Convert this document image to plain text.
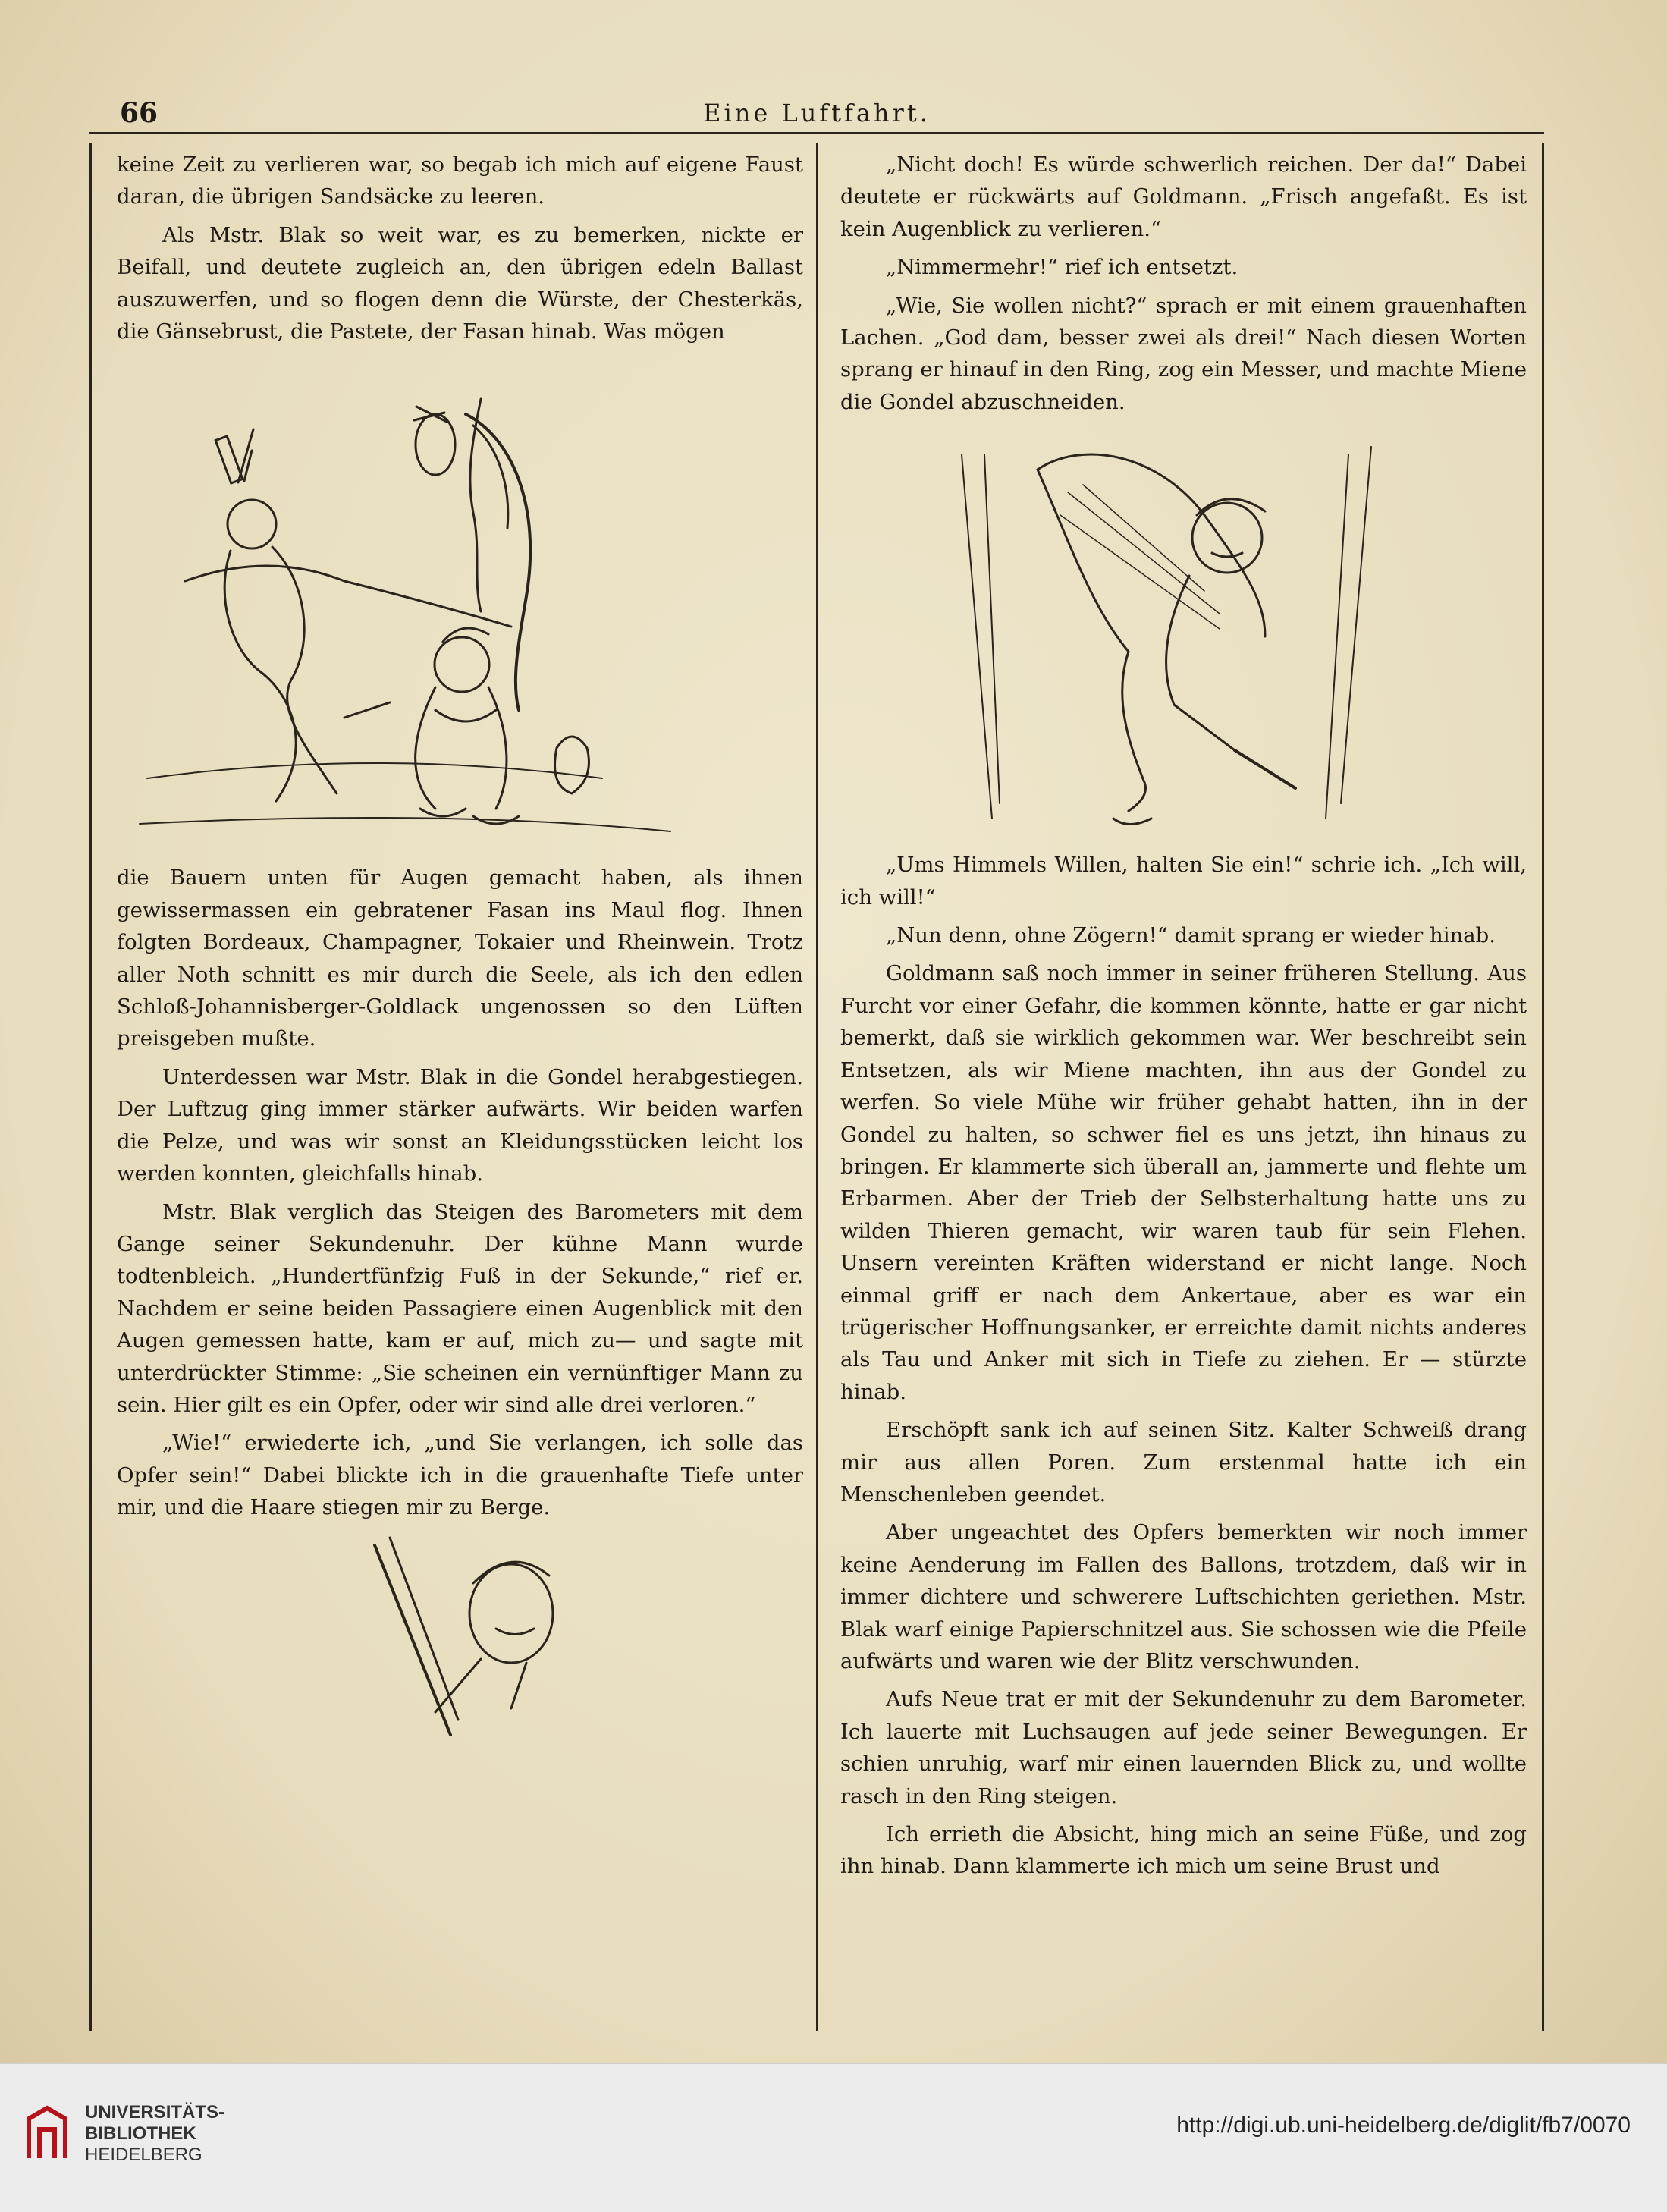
66	Eine Luftfahrt.

keine Zeit zu verlieren war, so begab ich mich auf eigene Faust daran, die übrigen Sandsäcke zu leeren.

Als Mstr. Blak so weit war, es zu bemerken, nickte er Beifall, und deutete zugleich an, den übrigen edeln Ballast auszuwerfen, und so flogen denn die Würste, der Chesterkäs, die Gänsebrust, die Pastete, der Fasan hinab. Was mögen

die Bauern unten für Augen gemacht haben, als ihnen gewissermassen ein gebratener Fasan ins Maul flog. Ihnen folgten Bordeaux, Champagner, Tokaier und Rheinwein. Trotz aller Noth schnitt es mir durch die Seele, als ich den edlen Schloß-Johannisberger-Goldlack ungenossen so den Lüften preisgeben mußte.

Unterdessen war Mstr. Blak in die Gondel herabgestiegen. Der Luftzug ging immer stärker aufwärts. Wir beiden warfen die Pelze, und was wir sonst an Kleidungsstücken leicht los werden konnten, gleichfalls hinab.

Mstr. Blak verglich das Steigen des Barometers mit dem Gange seiner Sekundenuhr. Der kühne Mann wurde todtenbleich. „Hundertfünfzig Fuß in der Sekunde,“ rief er. Nachdem er seine beiden Passagiere einen Augenblick mit den Augen gemessen hatte, kam er auf, mich zu— und sagte mit unterdrückter Stimme: „Sie scheinen ein vernünftiger Mann zu sein. Hier gilt es ein Opfer, oder wir sind alle drei verloren.“

„Wie!“ erwiederte ich, „und Sie verlangen, ich solle das Opfer sein!“ Dabei blickte ich in die grauenhafte Tiefe unter mir, und die Haare stiegen mir zu Berge.

„Nicht doch! Es würde schwerlich reichen. Der da!“ Dabei deutete er rückwärts auf Goldmann. „Frisch angefaßt. Es ist kein Augenblick zu verlieren.“

„Nimmermehr!“ rief ich entsetzt.

„Wie, Sie wollen nicht?“ sprach er mit einem grauenhaften Lachen. „God dam, besser zwei als drei!“ Nach diesen Worten sprang er hinauf in den Ring, zog ein Messer, und machte Miene die Gondel abzuschneiden.

„Ums Himmels Willen, halten Sie ein!“ schrie ich. „Ich will, ich will!“

„Nun denn, ohne Zögern!“ damit sprang er wieder hinab.

Goldmann saß noch immer in seiner früheren Stellung. Aus Furcht vor einer Gefahr, die kommen könnte, hatte er gar nicht bemerkt, daß sie wirklich gekommen war. Wer beschreibt sein Entsetzen, als wir Miene machten, ihn aus der Gondel zu werfen. So viele Mühe wir früher gehabt hatten, ihn in der Gondel zu halten, so schwer fiel es uns jetzt, ihn hinaus zu bringen. Er klammerte sich überall an, jammerte und flehte um Erbarmen. Aber der Trieb der Selbsterhaltung hatte uns zu wilden Thieren gemacht, wir waren taub für sein Flehen. Unsern vereinten Kräften widerstand er nicht lange. Noch einmal griff er nach dem Ankertaue, aber es war ein trügerischer Hoffnungsanker, er erreichte damit nichts anderes als Tau und Anker mit sich in Tiefe zu ziehen. Er — stürzte hinab.

Erschöpft sank ich auf seinen Sitz. Kalter Schweiß drang mir aus allen Poren. Zum erstenmal hatte ich ein Menschenleben geendet.

Aber ungeachtet des Opfers bemerkten wir noch immer keine Aenderung im Fallen des Ballons, trotzdem, daß wir in immer dichtere und schwerere Luftschichten geriethen. Mstr. Blak warf einige Papierschnitzel aus. Sie schossen wie die Pfeile aufwärts und waren wie der Blitz verschwunden.

Aufs Neue trat er mit der Sekundenuhr zu dem Barometer. Ich lauerte mit Luchsaugen auf jede seiner Bewegungen. Er schien unruhig, warf mir einen lauernden Blick zu, und wollte rasch in den Ring steigen.

Ich errieth die Absicht, hing mich an seine Füße, und zog ihn hinab. Dann klammerte ich mich um seine Brust und

UNIVERSITÄTS-
BIBLIOTHEK
HEIDELBERG
http://digi.ub.uni-heidelberg.de/diglit/fb7/0070
